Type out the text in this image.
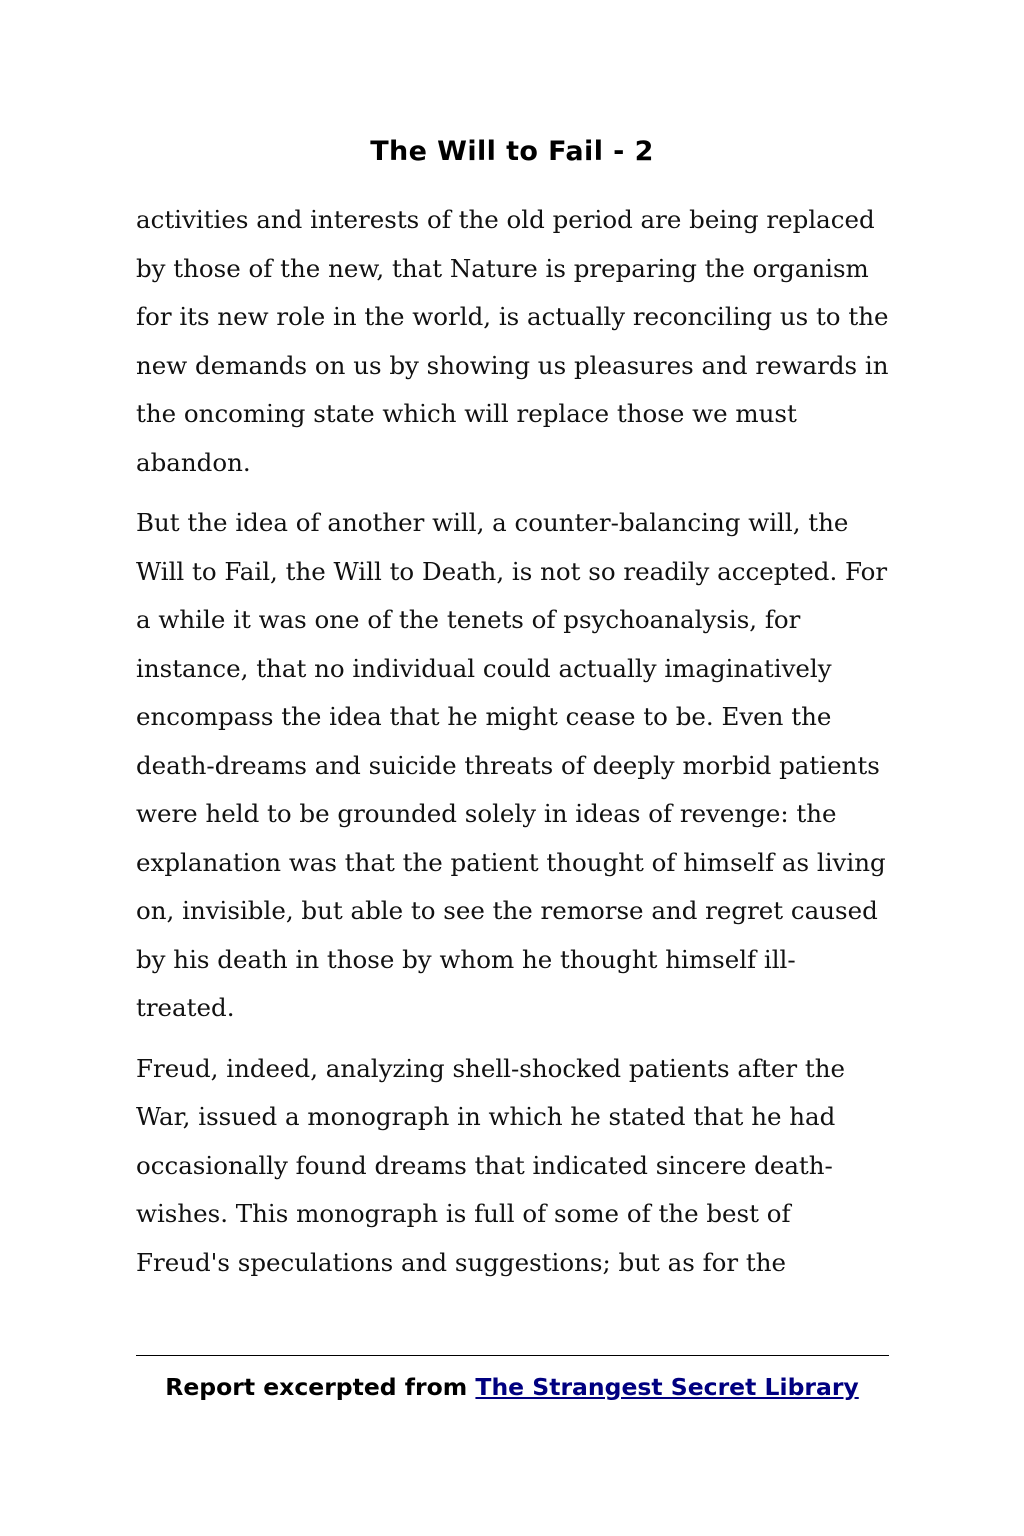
The Will to Fail - 2

activities and interests of the old period are being replaced
by those of the new, that Nature is preparing the organism
for its new role in the world, is actually reconciling us to the
new demands on us by showing us pleasures and rewards in
the oncoming state which will replace those we must
abandon.

But the idea of another will, a counter-balancing will, the
Will to Fail, the Will to Death, is not so readily accepted. For
a while it was one of the tenets of psychoanalysis, for
instance, that no individual could actually imaginatively
encompass the idea that he might cease to be. Even the
death-dreams and suicide threats of deeply morbid patients
were held to be grounded solely in ideas of revenge: the
explanation was that the patient thought of himself as living
on, invisible, but able to see the remorse and regret caused
by his death in those by whom he thought himself ill-
treated.

Freud, indeed, analyzing shell-shocked patients after the
War, issued a monograph in which he stated that he had
occasionally found dreams that indicated sincere death-
wishes. This monograph is full of some of the best of
Freud's speculations and suggestions; but as for the

Report excerpted from The Strangest Secret Library
